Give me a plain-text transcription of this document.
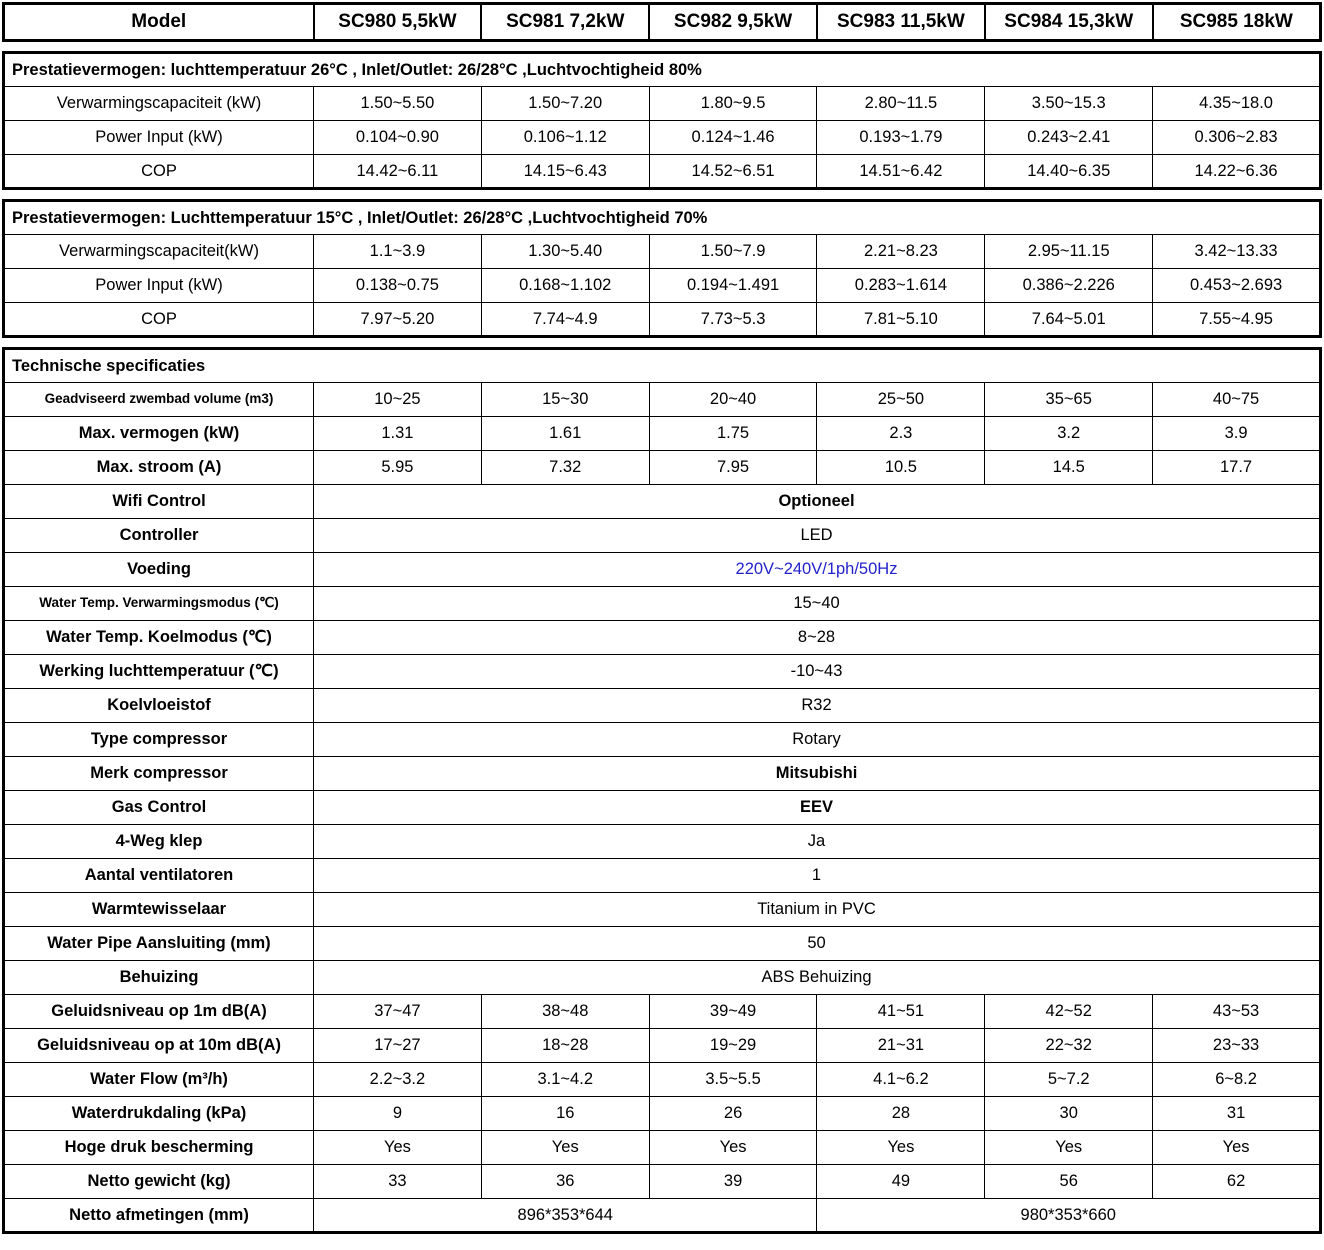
Model	SC980 5,5kW	SC981 7,2kW	SC982 9,5kW	SC983 11,5kW	SC984 15,3kW	SC985 18kW
Prestatievermogen: luchttemperatuur 26°C , Inlet/Outlet: 26/28°C ,Luchtvochtigheid 80%						
Verwarmingscapaciteit (kW)	1.50~5.50	1.50~7.20	1.80~9.5	2.80~11.5	3.50~15.3	4.35~18.0
Power Input (kW)	0.104~0.90	0.106~1.12	0.124~1.46	0.193~1.79	0.243~2.41	0.306~2.83
COP	14.42~6.11	14.15~6.43	14.52~6.51	14.51~6.42	14.40~6.35	14.22~6.36
Prestatievermogen: Luchttemperatuur 15°C , Inlet/Outlet: 26/28°C ,Luchtvochtigheid 70%						
Verwarmingscapaciteit(kW)	1.1~3.9	1.30~5.40	1.50~7.9	2.21~8.23	2.95~11.15	3.42~13.33
Power Input (kW)	0.138~0.75	0.168~1.102	0.194~1.491	0.283~1.614	0.386~2.226	0.453~2.693
COP	7.97~5.20	7.74~4.9	7.73~5.3	7.81~5.10	7.64~5.01	7.55~4.95
Technische specificaties						
Geadviseerd zwembad volume (m3)	10~25	15~30	20~40	25~50	35~65	40~75
Max. vermogen (kW)	1.31	1.61	1.75	2.3	3.2	3.9
Max. stroom (A)	5.95	7.32	7.95	10.5	14.5	17.7
Wifi Control	Optioneel					
Controller	LED					
Voeding	220V~240V/1ph/50Hz					
Water Temp. Verwarmingsmodus (℃)	15~40					
Water Temp. Koelmodus (℃)	8~28					
Werking luchttemperatuur (℃)	-10~43					
Koelvloeistof	R32					
Type compressor	Rotary					
Merk compressor	Mitsubishi					
Gas Control	EEV					
4-Weg klep	Ja					
Aantal ventilatoren	1					
Warmtewisselaar	Titanium in PVC					
Water Pipe Aansluiting (mm)	50					
Behuizing	ABS Behuizing					
Geluidsniveau op 1m dB(A)	37~47	38~48	39~49	41~51	42~52	43~53
Geluidsniveau op at 10m dB(A)	17~27	18~28	19~29	21~31	22~32	23~33
Water Flow (m³/h)	2.2~3.2	3.1~4.2	3.5~5.5	4.1~6.2	5~7.2	6~8.2
Waterdrukdaling (kPa)	9	16	26	28	30	31
Hoge druk bescherming	Yes	Yes	Yes	Yes	Yes	Yes
Netto gewicht (kg)	33	36	39	49	56	62
Netto afmetingen (mm)	896*353*644			980*353*660		
